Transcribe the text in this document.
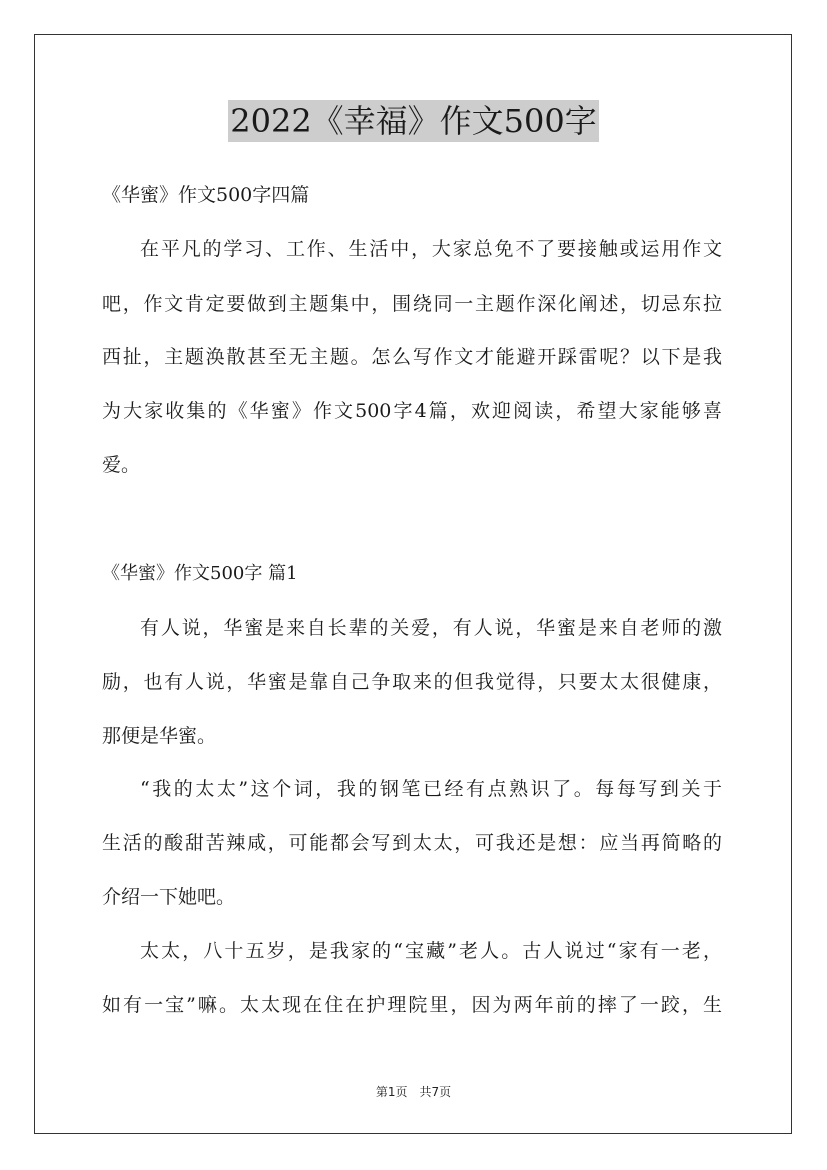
2022《幸福》作文500字
《华蜜》作文500字四篇
在平凡的学习、工作、生活中，大家总免不了要接触或运用作文
吧，作文肯定要做到主题集中，围绕同一主题作深化阐述，切忌东拉
西扯，主题涣散甚至无主题。怎么写作文才能避开踩雷呢？以下是我
为大家收集的《华蜜》作文500字4篇，欢迎阅读，希望大家能够喜
爱。
《华蜜》作文500字 篇1
有人说，华蜜是来自长辈的关爱，有人说，华蜜是来自老师的激
励，也有人说，华蜜是靠自己争取来的但我觉得，只要太太很健康，
那便是华蜜。
“我的太太”这个词，我的钢笔已经有点熟识了。每每写到关于
生活的酸甜苦辣咸，可能都会写到太太，可我还是想：应当再简略的
介绍一下她吧。
太太，八十五岁，是我家的“宝藏”老人。古人说过“家有一老，
如有一宝”嘛。太太现在住在护理院里，因为两年前的摔了一跤，生
第1页 共7页
